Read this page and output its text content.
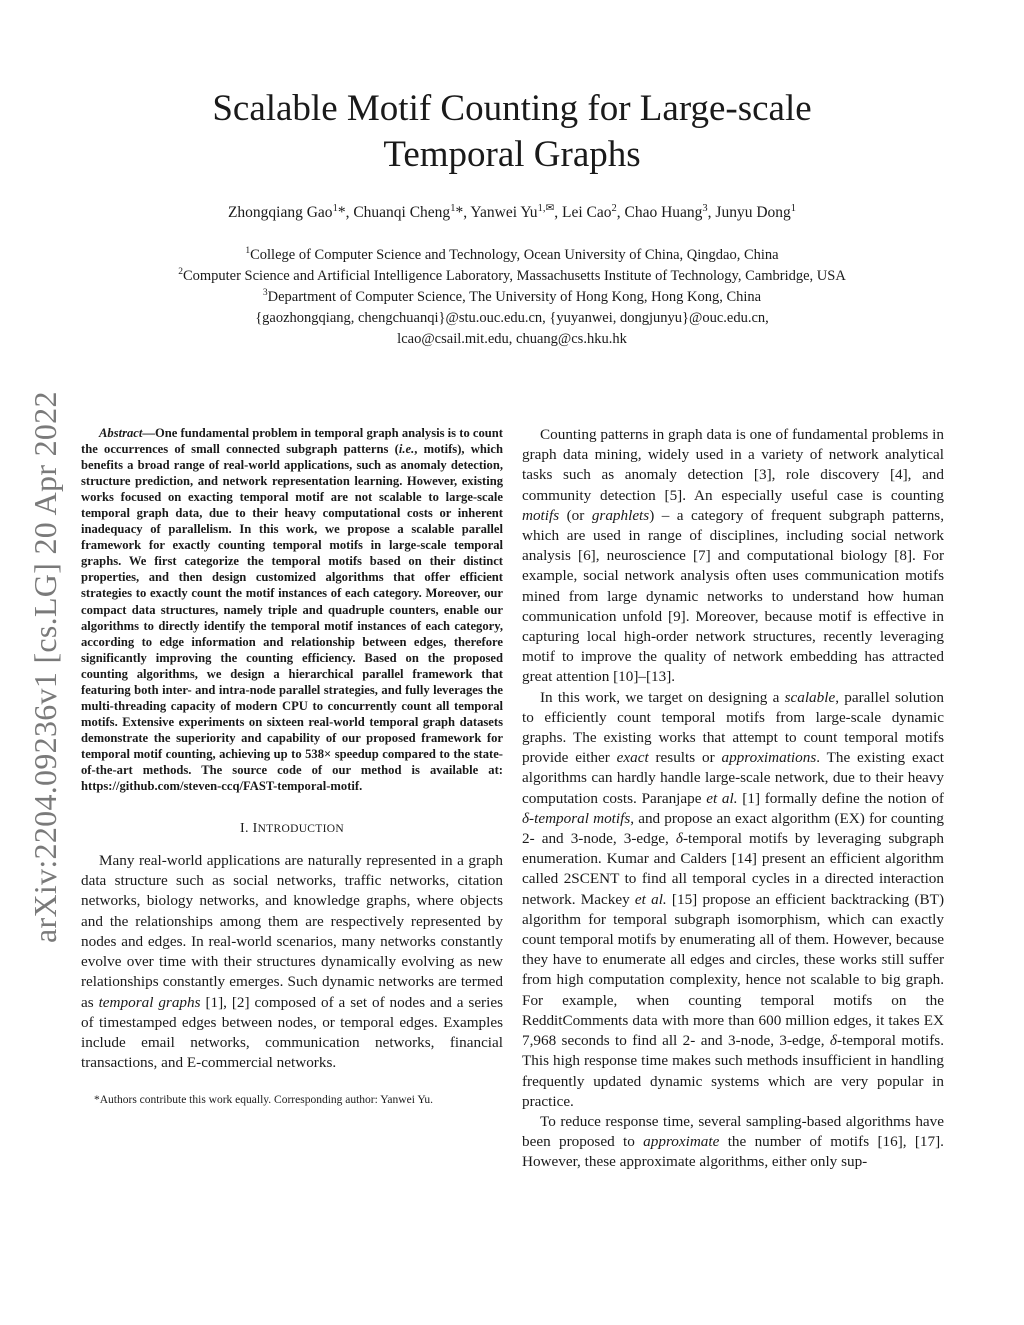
arXiv:2204.09236v1 [cs.LG] 20 Apr 2022
Scalable Motif Counting for Large-scale
Temporal Graphs
Zhongqiang Gao$^1$*, Chuanqi Cheng$^1$*, Yanwei $Yu^{1,✉}$, Lei Cao$^2$, Chao Huang$^3$, Junyu Dong$^1$
$^1$College of Computer Science and Technology, Ocean University of China, Qingdao, China
$^2$Computer Science and Artificial Intelligence Laboratory, Massachusetts Institute of Technology, Cambridge, USA
$^3$Department of Computer Science, The University of Hong Kong, Hong Kong, China
{gaozhongqiang, chengchuanqi}@stu.ouc.edu.cn, {yuyanwei, dongjunyu}@ouc.edu.cn,
lcao@csail.mit.edu, chuang@cs.hku.hk

Abstract—One fundamental problem in temporal graph analysis is to count the occurrences of small connected subgraph patterns (i.e., motifs), which benefits a broad range of real-world applications, such as anomaly detection, structure prediction, and network representation learning. However, existing works focused on exacting temporal motif are not scalable to large-scale temporal graph data, due to their heavy computational costs or inherent inadequacy of parallelism. In this work, we propose a scalable parallel framework for exactly counting temporal motifs in large-scale temporal graphs. We first categorize the temporal motifs based on their distinct properties, and then design customized algorithms that offer efficient strategies to exactly count the motif instances of each category. Moreover, our compact data structures, namely triple and quadruple counters, enable our algorithms to directly identify the temporal motif instances of each category, according to edge information and relationship between edges, therefore significantly improving the counting efficiency. Based on the proposed counting algorithms, we design a hierarchical parallel framework that featuring both inter- and intra-node parallel strategies, and fully leverages the multi-threading capacity of modern CPU to concurrently count all temporal motifs. Extensive experiments on sixteen real-world temporal graph datasets demonstrate the superiority and capability of our proposed framework for temporal motif counting, achieving up to 538× speedup compared to the state-of-the-art methods. The source code of our method is available at: https://github.com/steven-ccq/FAST-temporal-motif.

I. INTRODUCTION

Many real-world applications are naturally represented in a graph data structure such as social networks, traffic networks, citation networks, biology networks, and knowledge graphs, where objects and the relationships among them are respectively represented by nodes and edges. In real-world scenarios, many networks constantly evolve over time with their structures dynamically evolving as new relationships constantly emerges. Such dynamic networks are termed as temporal graphs [1], [2] composed of a set of nodes and a series of timestamped edges between nodes, or temporal edges. Examples include email networks, communication networks, financial transactions, and E-commercial networks.

*Authors contribute this work equally. Corresponding author: Yanwei Yu.

Counting patterns in graph data is one of fundamental problems in graph data mining, widely used in a variety of network analytical tasks such as anomaly detection [3], role discovery [4], and community detection [5]. An especially useful case is counting motifs (or graphlets) – a category of frequent subgraph patterns, which are used in range of disciplines, including social network analysis [6], neuroscience [7] and computational biology [8]. For example, social network analysis often uses communication motifs mined from large dynamic networks to understand how human communication unfold [9]. Moreover, because motif is effective in capturing local high-order network structures, recently leveraging motif to improve the quality of network embedding has attracted great attention [10]–[13].

In this work, we target on designing a scalable, parallel solution to efficiently count temporal motifs from large-scale dynamic graphs. The existing works that attempt to count temporal motifs provide either exact results or approximations. The existing exact algorithms can hardly handle large-scale network, due to their heavy computation costs. Paranjape et al. [1] formally define the notion of δ-temporal motifs, and propose an exact algorithm (EX) for counting 2- and 3-node, 3-edge, δ-temporal motifs by leveraging subgraph enumeration. Kumar and Calders [14] present an efficient algorithm called 2SCENT to find all temporal cycles in a directed interaction network. Mackey et al. [15] propose an efficient backtracking (BT) algorithm for temporal subgraph isomorphism, which can exactly count temporal motifs by enumerating all of them. However, because they have to enumerate all edges and circles, these works still suffer from high computation complexity, hence not scalable to big graph. For example, when counting temporal motifs on the RedditComments data with more than 600 million edges, it takes EX 7,968 seconds to find all 2- and 3-node, 3-edge, δ-temporal motifs. This high response time makes such methods insufficient in handling frequently updated dynamic systems which are very popular in practice.

To reduce response time, several sampling-based algorithms have been proposed to approximate the number of motifs [16], [17]. However, these approximate algorithms, either only sup-
